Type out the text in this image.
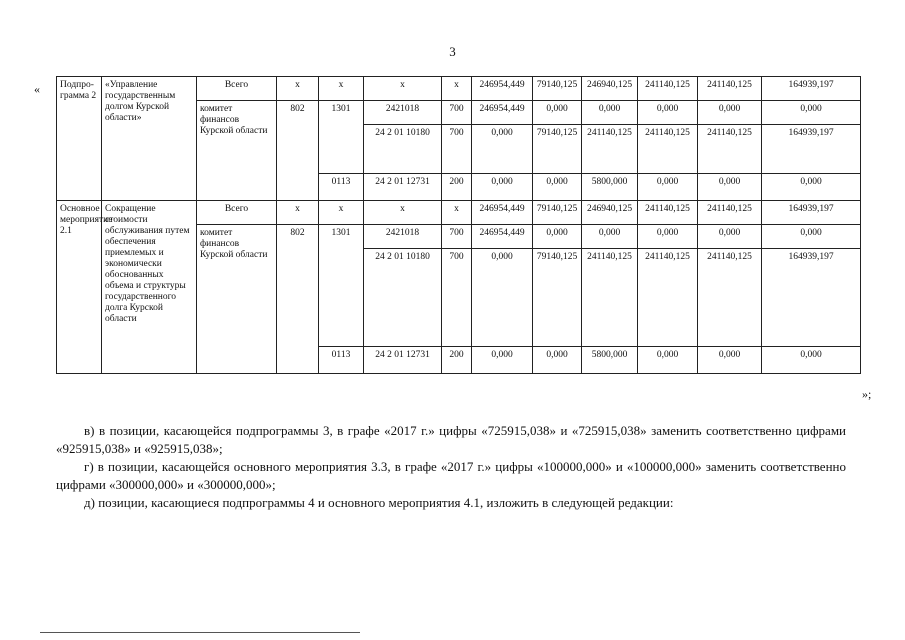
3
« Подпро-грамма 2	«Управление государственным долгом Курской области»	Всего	х	х	х	х	246954,449	79140,125	246940,125	241140,125	241140,125	164939,197
		комитет финансов Курской области	802	1301	2421018	700	246954,449	0,000	0,000	0,000	0,000	0,000
					24 2 01 10180	700	0,000	79140,125	241140,125	241140,125	241140,125	164939,197
				0113	24 2 01 12731	200	0,000	0,000	5800,000	0,000	0,000	0,000
Основное мероприятие 2.1	Сокращение стоимости обслуживания путем обеспечения приемлемых и экономически обоснованных объема и структуры государственного долга Курской области	Всего	х	х	х	х	246954,449	79140,125	246940,125	241140,125	241140,125	164939,197
		комитет финансов Курской области	802	1301	2421018	700	246954,449	0,000	0,000	0,000	0,000	0,000
					24 2 01 10180	700	0,000	79140,125	241140,125	241140,125	241140,125	164939,197
				0113	24 2 01 12731	200	0,000	0,000	5800,000	0,000	0,000	0,000
»;

в) в позиции, касающейся подпрограммы 3, в графе «2017 г.» цифры «725915,038» и «725915,038» заменить соответственно цифрами «925915,038» и «925915,038»;

г) в позиции, касающейся основного мероприятия 3.3, в графе «2017 г.» цифры «100000,000» и «100000,000» заменить соответственно цифрами «300000,000» и «300000,000»;

д) позиции, касающиеся подпрограммы 4 и основного мероприятия 4.1, изложить в следующей редакции:
